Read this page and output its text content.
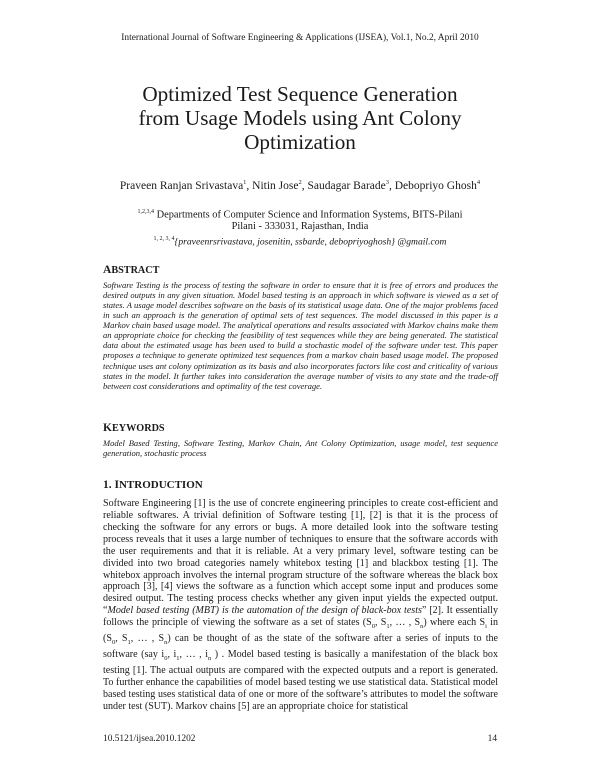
International Journal of Software Engineering & Applications (IJSEA), Vol.1, No.2, April 2010
Optimized Test Sequence Generation
from Usage Models using Ant Colony
Optimization
Praveen Ranjan Srivastava$^1$, Nitin Jose$^2$, Saudagar Barade$^3$, Debopriyo Ghosh$^4$
$^{1,2,3,4}$ Departments of Computer Science and Information Systems, BITS-Pilani
Pilani - 333031, Rajasthan, India
$^{1, 2, 3, 4}${praveenrsrivastava, josenitin, ssbarde, debopriyoghosh} @gmail.com
ABSTRACT
Software Testing is the process of testing the software in order to ensure that it is free of errors and produces the desired outputs in any given situation. Model based testing is an approach in which software is viewed as a set of states. A usage model describes software on the basis of its statistical usage data. One of the major problems faced in such an approach is the generation of optimal sets of test sequences. The model discussed in this paper is a Markov chain based usage model. The analytical operations and results associated with Markov chains make them an appropriate choice for checking the feasibility of test sequences while they are being generated. The statistical data about the estimated usage has been used to build a stochastic model of the software under test. This paper proposes a technique to generate optimized test sequences from a markov chain based usage model. The proposed technique uses ant colony optimization as its basis and also incorporates factors like cost and criticality of various states in the model. It further takes into consideration the average number of visits to any state and the trade-off between cost considerations and optimality of the test coverage.
KEYWORDS
Model Based Testing, Software Testing, Markov Chain, Ant Colony Optimization, usage model, test sequence generation, stochastic process
1. INTRODUCTION
Software Engineering [1] is the use of concrete engineering principles to create cost-efficient and reliable softwares. A trivial definition of Software testing [1], [2] is that it is the process of checking the software for any errors or bugs. A more detailed look into the software testing process reveals that it uses a large number of techniques to ensure that the software accords with the user requirements and that it is reliable. At a very primary level, software testing can be divided into two broad categories namely whitebox testing [1] and blackbox testing [1]. The whitebox approach involves the internal program structure of the software whereas the black box approach [3], [4] views the software as a function which accept some input and produces some desired output. The testing process checks whether any given input yields the expected output. “Model based testing (MBT) is the automation of the design of black-box tests” [2]. It essentially follows the principle of viewing the software as a set of states ($S_0$, $S_1$, … , $S_n$) where each $S_i$ in ($S_0$, $S_1$, … , $S_n$) can be thought of as the state of the software after a series of inputs to the software (say $i_0$, $i_1$, … , $i_n$ ) . Model based testing is basically a manifestation of the black box testing [1]. The actual outputs are compared with the expected outputs and a report is generated. To further enhance the capabilities of model based testing we use statistical data. Statistical model based testing uses statistical data of one or more of the software’s attributes to model the software under test (SUT). Markov chains [5] are an appropriate choice for statistical
10.5121/ijsea.2010.1202	14
